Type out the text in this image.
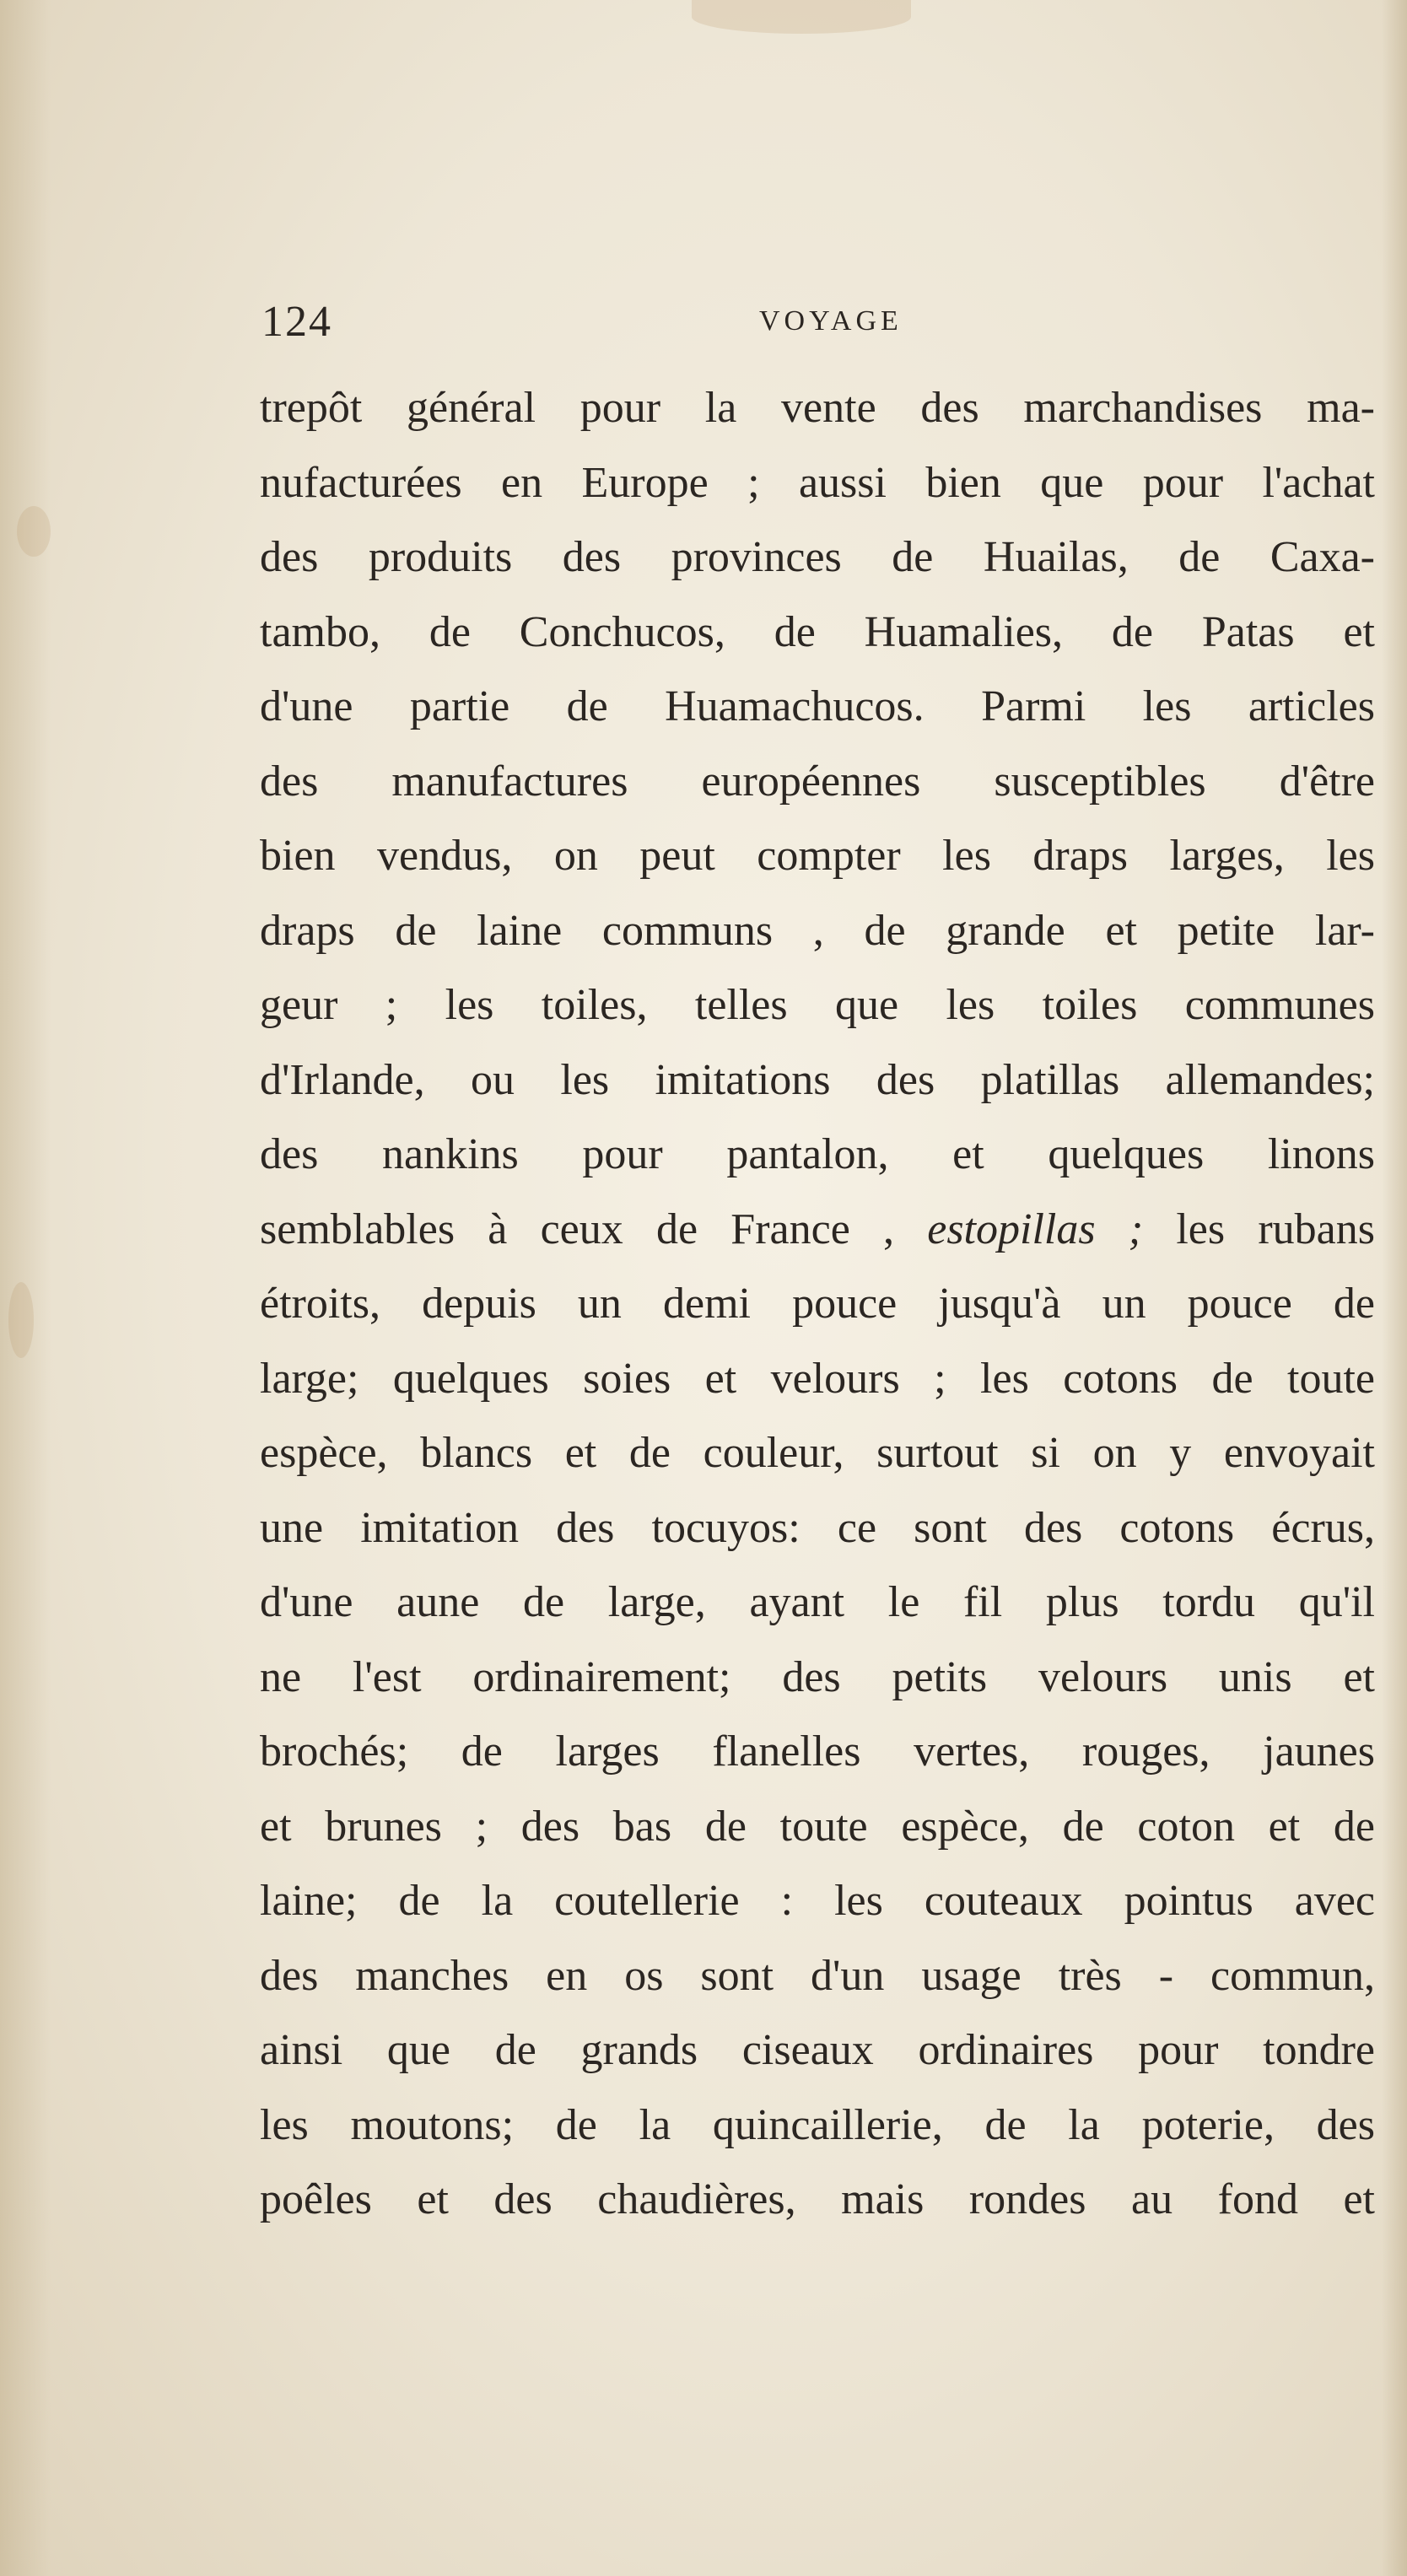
124	VOYAGE
trepôt général pour la vente des marchandises ma-
nufacturées en Europe ; aussi bien que pour l'achat
des produits des provinces de Huailas, de Caxa-
tambo, de Conchucos, de Huamalies, de Patas et
d'une partie de Huamachucos. Parmi les articles
des manufactures européennes susceptibles d'être
bien vendus, on peut compter les draps larges, les
draps de laine communs , de grande et petite lar-
geur ; les toiles, telles que les toiles communes
d'Irlande, ou les imitations des platillas allemandes;
des nankins pour pantalon, et quelques linons
semblables à ceux de France , estopillas ; les rubans
étroits, depuis un demi pouce jusqu'à un pouce de
large; quelques soies et velours ; les cotons de toute
espèce, blancs et de couleur, surtout si on y envoyait
une imitation des tocuyos: ce sont des cotons écrus,
d'une aune de large, ayant le fil plus tordu qu'il
ne l'est ordinairement; des petits velours unis et
brochés; de larges flanelles vertes, rouges, jaunes
et brunes ; des bas de toute espèce, de coton et de
laine; de la coutellerie : les couteaux pointus avec
des manches en os sont d'un usage très - commun,
ainsi que de grands ciseaux ordinaires pour tondre
les moutons; de la quincaillerie, de la poterie, des
poêles et des chaudières, mais rondes au fond et
